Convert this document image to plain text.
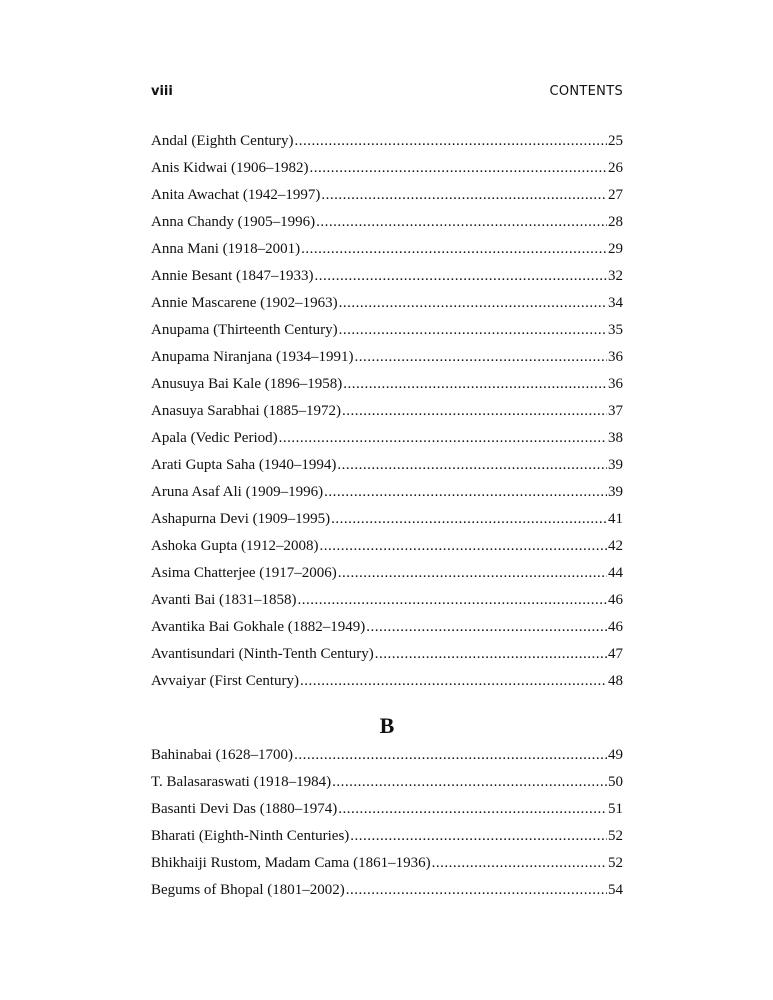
viii	CONTENTS
Andal (Eighth Century) .....	25
Anis Kidwai (1906–1982) .....	26
Anita Awachat (1942–1997) .....	27
Anna Chandy (1905–1996) .....	28
Anna Mani (1918–2001) .....	29
Annie Besant (1847–1933) .....	32
Annie Mascarene (1902–1963) .....	34
Anupama (Thirteenth Century) .....	35
Anupama Niranjana (1934–1991) .....	36
Anusuya Bai Kale (1896–1958) .....	36
Anasuya Sarabhai (1885–1972) .....	37
Apala (Vedic Period) .....	38
Arati Gupta Saha (1940–1994) .....	39
Aruna Asaf Ali (1909–1996) .....	39
Ashapurna Devi (1909–1995) .....	41
Ashoka Gupta (1912–2008) .....	42
Asima Chatterjee (1917–2006) .....	44
Avanti Bai (1831–1858) .....	46
Avantika Bai Gokhale (1882–1949) .....	46
Avantisundari (Ninth-Tenth Century) .....	47
Avvaiyar (First Century) .....	48
B
Bahinabai (1628–1700) .....	49
T. Balasaraswati (1918–1984) .....	50
Basanti Devi Das (1880–1974) .....	51
Bharati (Eighth-Ninth Centuries) .....	52
Bhikhaiji Rustom, Madam Cama (1861–1936) .....	52
Begums of Bhopal (1801–2002) .....	54
